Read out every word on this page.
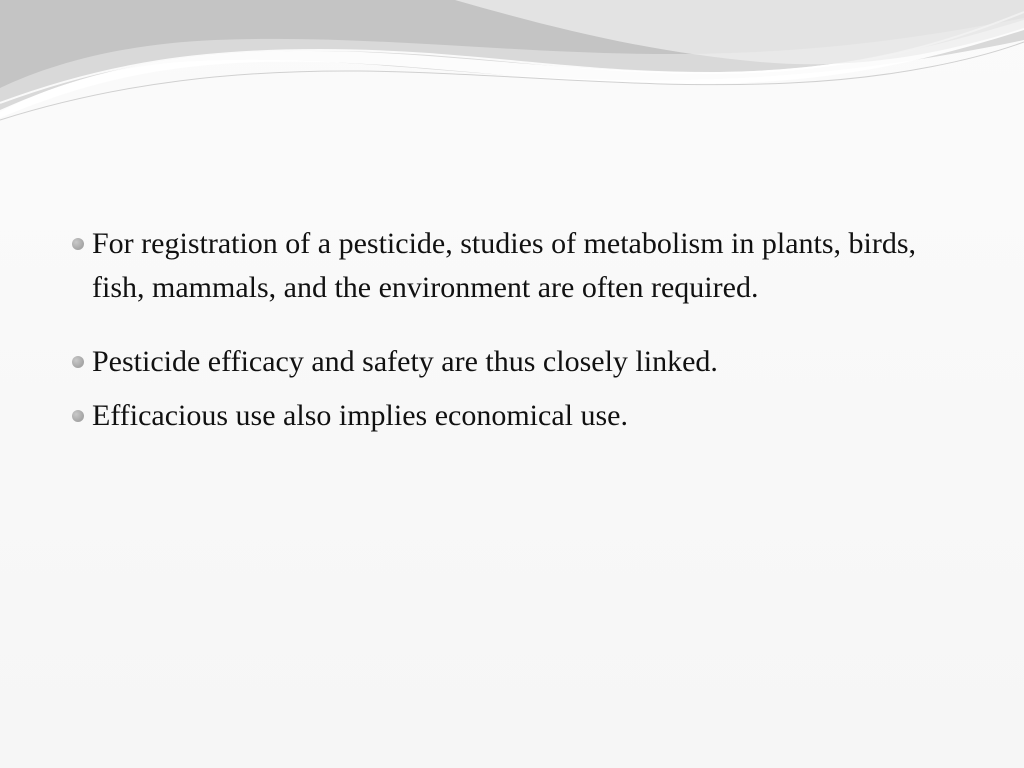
For registration of a pesticide, studies of metabolism in plants, birds, fish, mammals, and the environment are often required.
Pesticide efficacy and safety are thus closely linked.
Efficacious use also implies economical use.
